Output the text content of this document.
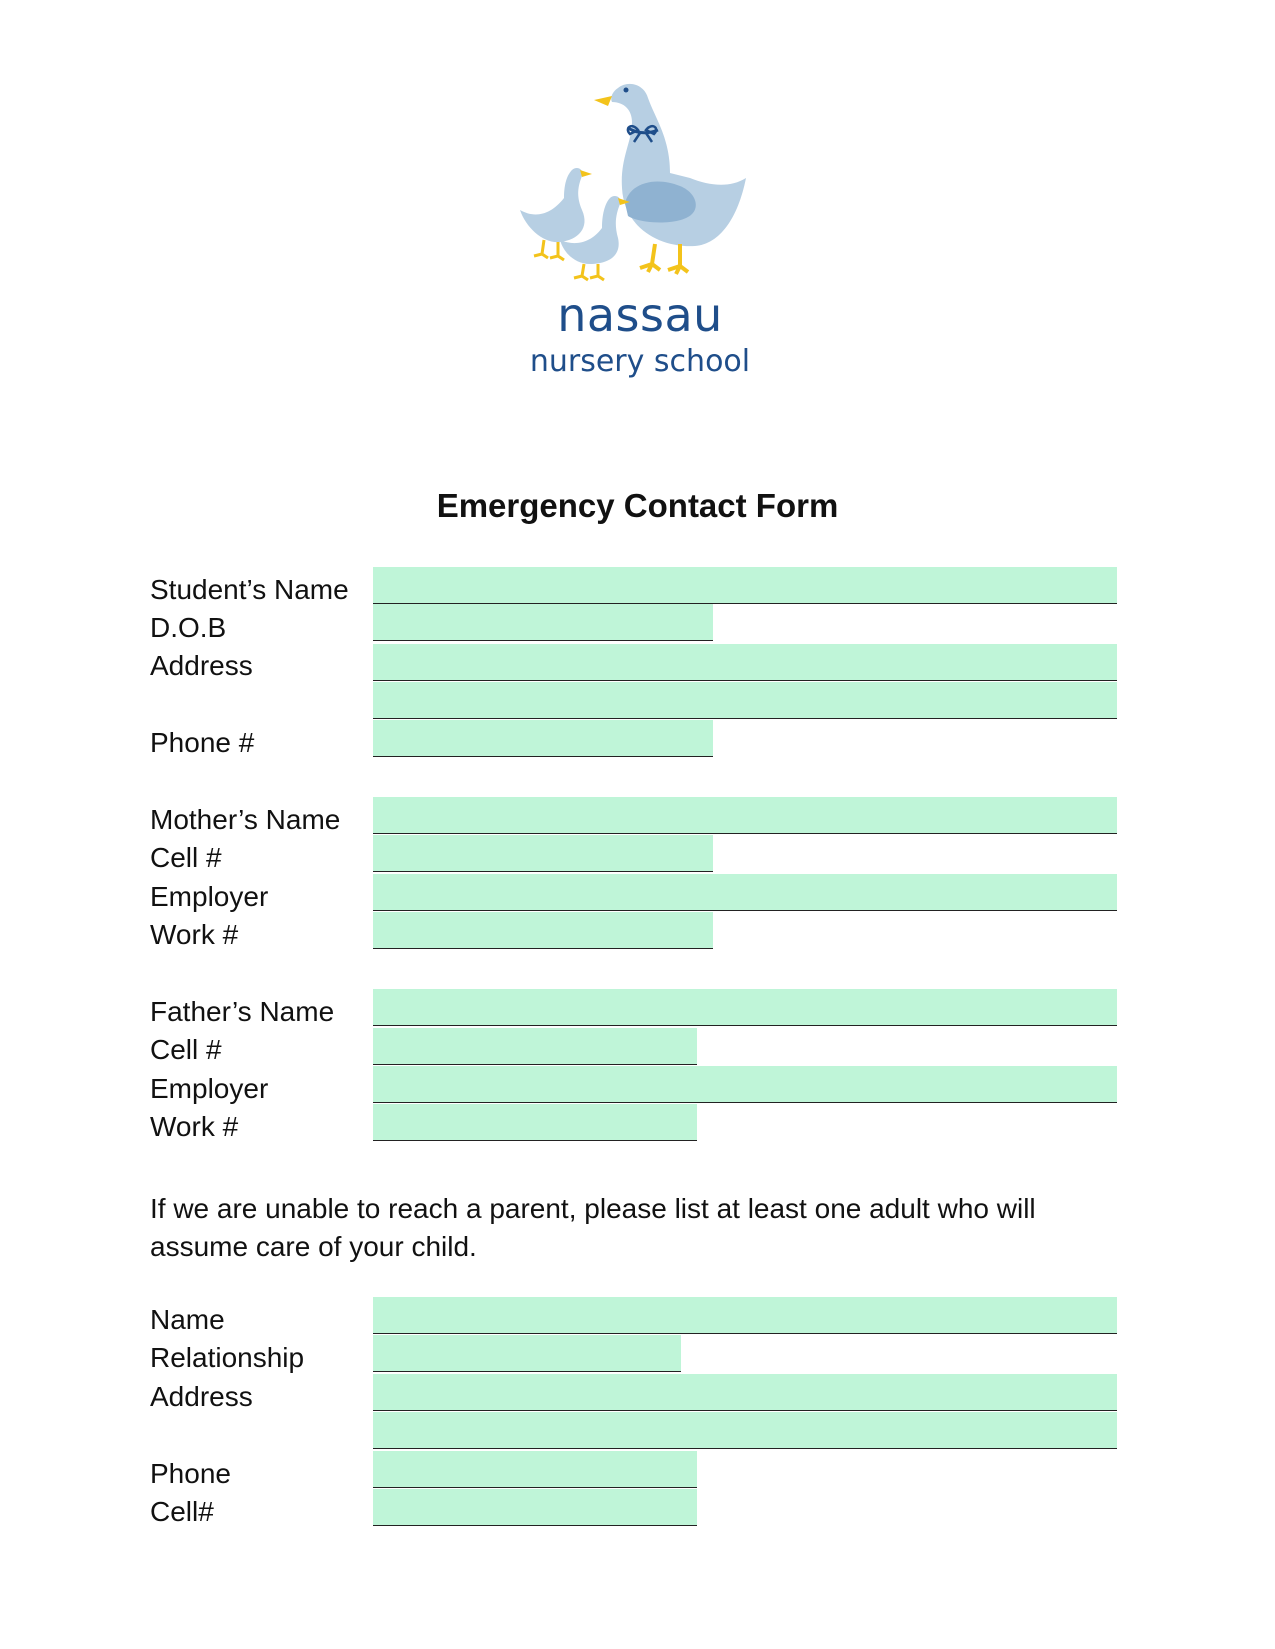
nassau
nursery school
Emergency Contact Form
Student’s Name
D.O.B
Address
Phone #
Mother’s Name
Cell #
Employer
Work #
Father’s Name
Cell #
Employer
Work #
If we are unable to reach a parent, please list at least one adult who will assume care of your child.
Name
Relationship
Address
Phone
Cell#
